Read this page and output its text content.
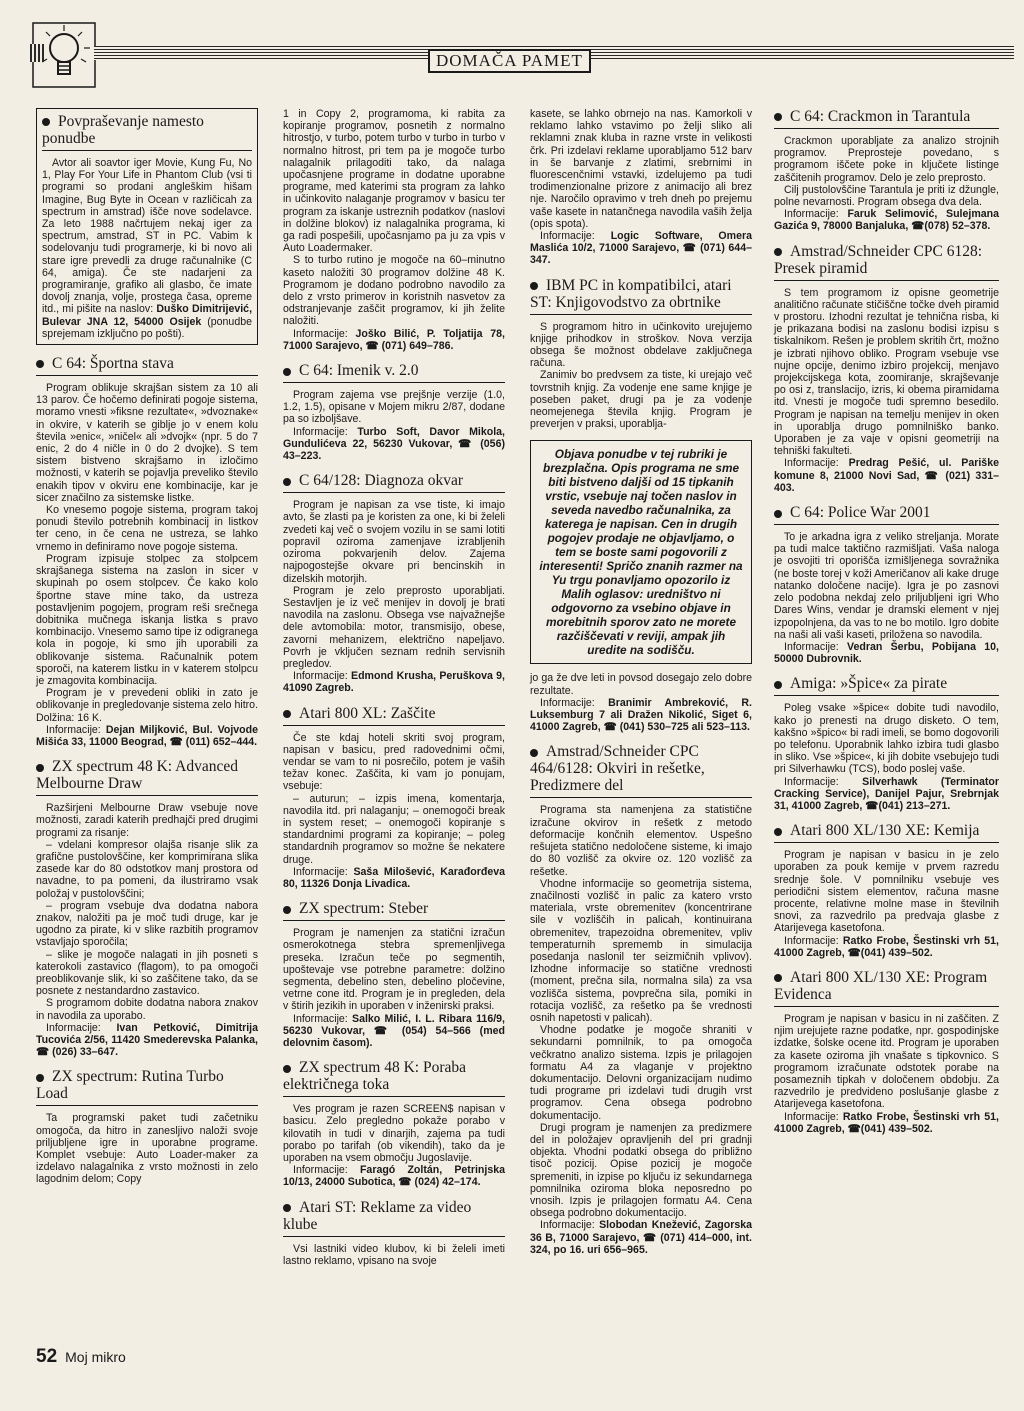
DOMAČA PAMET
Povpraševanje namesto ponudbe

Avtor ali soavtor iger Movie, Kung Fu, No 1, Play For Your Life in Phantom Club (vsi ti programi so prodani angleškim hišam Imagine, Bug Byte in Ocean v različicah za spectrum in amstrad) išče nove sodelavce. Za leto 1988 načrtujem nekaj iger za spectrum, amstrad, ST in PC. Vabim k sodelovanju tudi programerje, ki bi novo ali stare igre prevedli za druge računalnike (C 64, amiga). Če ste nadarjeni za programiranje, grafiko ali glasbo, če imate dovolj znanja, volje, prostega časa, opreme itd., mi pišite na naslov: Duško Dimitrijević, Bulevar JNA 12, 54000 Osijek (ponudbe sprejemam izključno po pošti).

C 64: Športna stava

Program oblikuje skrajšan sistem za 10 ali 13 parov. Če hočemo definirati pogoje sistema, moramo vnesti »fiksne rezultate«, »dvoznake« in okvire, v katerih se giblje jo v enem kolu števila »enic«, »ničel« ali »dvojk« (npr. 5 do 7 enic, 2 do 4 ničle in 0 do 2 dvojke). S tem sistem bistveno skrajšamo in izločimo možnosti, v katerih se pojavlja preveliko število enakih tipov v okviru ene kombinacije, kar je sicer značilno za sistemske listke.

Ko vnesemo pogoje sistema, program takoj ponudi število potrebnih kombinacij in listkov ter ceno, in če cena ne ustreza, se lahko vrnemo in definiramo nove pogoje sistema.

Program izpisuje stolpec za stolpcem skrajšanega sistema na zaslon in sicer v skupinah po osem stolpcev. Če kako kolo športne stave mine tako, da ustreza postavljenim pogojem, program reši srečnega dobitnika mučnega iskanja listka s pravo kombinacijo. Vnesemo samo tipe iz odigranega kola in pogoje, ki smo jih uporabili za oblikovanje sistema. Računalnik potem sporoči, na katerem listku in v katerem stolpcu je zmagovita kombinacija.

Program je v prevedeni obliki in zato je oblikovanje in pregledovanje sistema zelo hitro. Dolžina: 16 K.

Informacije: Dejan Miljković, Bul. Vojvode Mišića 33, 11000 Beograd, ☎ (011) 652–444.

ZX spectrum 48 K: Advanced Melbourne Draw

Razširjeni Melbourne Draw vsebuje nove možnosti, zaradi katerih predhajči pred drugimi programi za risanje:

– vdelani kompresor olajša risanje slik za grafične pustolovščine, ker komprimirana slika zasede kar do 80 odstotkov manj prostora od navadne, to pa pomeni, da ilustriramo vsak položaj v pustolovščini;

– program vsebuje dva dodatna nabora znakov, naložiti pa je moč tudi druge, kar je ugodno za pirate, ki v slike razbitih programov vstavljajo sporočila;

– slike je mogoče nalagati in jih posneti s katerokoli zastavico (flagom), to pa omogoči preoblikovanje slik, ki so zaščitene tako, da se posnete z nestandardno zastavico.

S programom dobite dodatna nabora znakov in navodila za uporabo.

Informacije: Ivan Petković, Dimitrija Tucovića 2/56, 11420 Smederevska Palanka, ☎ (026) 33–647.

ZX spectrum: Rutina Turbo Load

Ta programski paket tudi začetniku omogoča, da hitro in zanesljivo naloži svoje priljubljene igre in uporabne programe. Komplet vsebuje: Auto Loader-maker za izdelavo nalagalnika z vrsto možnosti in zelo lagodnim delom; Copy

1 in Copy 2, programoma, ki rabita za kopiranje programov, posnetih z normalno hitrostjo, v turbo, potem turbo v turbo in turbo v normalno hitrost, pri tem pa je mogoče turbo nalagalnik prilagoditi tako, da nalaga upočasnjene programe in dodatne uporabne programe, med katerimi sta program za lahko in učinkovito nalaganje programov v basicu ter program za iskanje ustreznih podatkov (naslovi in dolžine blokov) iz nalagalnika programa, ki ga radi pospešili, upočasnjamo pa ju za vpis v Auto Loadermaker.

S to turbo rutino je mogoče na 60–minutno kaseto naložiti 30 programov dolžine 48 K. Programom je dodano podrobno navodilo za delo z vrsto primerov in koristnih nasvetov za odstranjevanje zaščit programov, ki jih želite naložiti.

Informacije: Joško Bilić, P. Toljatija 78, 71000 Sarajevo, ☎ (071) 649–786.

C 64: Imenik v. 2.0

Program zajema vse prejšnje verzije (1.0, 1.2, 1.5), opisane v Mojem mikru 2/87, dodane pa so izboljšave.

Informacije: Turbo Soft, Davor Mikola, Gundulićeva 22, 56230 Vukovar, ☎ (056) 43–223.

C 64/128: Diagnoza okvar

Program je napisan za vse tiste, ki imajo avto, še zlasti pa je koristen za one, ki bi želeli zvedeti kaj več o svojem vozilu in se sami lotiti popravil oziroma zamenjave izrabljenih oziroma pokvarjenih delov. Zajema najpogostejše okvare pri bencinskih in dizelskih motorjih.

Program je zelo preprosto uporabljati. Sestavljen je iz več menijev in dovolj je brati navodila na zaslonu. Obsega vse najvažnejše dele avtomobila: motor, transmisijo, obese, zavorni mehanizem, električno napeljavo. Povrh je vključen seznam rednih servisnih pregledov.

Informacije: Edmond Krusha, Peruškova 9, 41090 Zagreb.

Atari 800 XL: Zaščite

Če ste kdaj hoteli skriti svoj program, napisan v basicu, pred radovednimi očmi, vendar se vam to ni posrečilo, potem je vaših težav konec. Zaščita, ki vam jo ponujam, vsebuje:

– auturun; – izpis imena, komentarja, navodila itd. pri nalaganju; – onemogoči break in system reset; – onemogoči kopiranje s standardnimi programi za kopiranje; – poleg standardnih programov so možne še nekatere druge.

Informacije: Saša Milošević, Karađorđeva 80, 11326 Donja Livadica.

ZX spectrum: Steber

Program je namenjen za statični izračun osmerokotnega stebra spremenljivega preseka. Izračun teče po segmentih, upoštevaje vse potrebne parametre: dolžino segmenta, debelino sten, debelino pločevine, vetrne cone itd. Program je in pregleden, dela v štirih jezikih in uporaben v inženirski praksi.

Informacije: Salko Milić, I. L. Ribara 116/9, 56230 Vukovar, ☎ (054) 54–566 (med delovnim časom).

ZX spectrum 48 K: Poraba električnega toka

Ves program je razen SCREEN$ napisan v basicu. Zelo pregledno pokaže porabo v kilovatih in tudi v dinarjih, zajema pa tudi porabo po tarifah (ob vikendih), tako da je uporaben na vsem območju Jugoslavije.

Informacije: Faragó Zoltán, Petrinjska 10/13, 24000 Subotica, ☎ (024) 42–174.

Atari ST: Reklame za video klube

Vsi lastniki video klubov, ki bi želeli imeti lastno reklamo, vpisano na svoje

kasete, se lahko obrnejo na nas. Kamorkoli v reklamo lahko vstavimo po želji sliko ali reklamni znak kluba in razne vrste in velikosti črk. Pri izdelavi reklame uporabljamo 512 barv in še barvanje z zlatimi, srebrnimi in fluorescenčnimi vstavki, izdelujemo pa tudi trodimenzionalne prizore z animacijo ali brez nje. Naročilo opravimo v treh dneh po prejemu vaše kasete in natančnega navodila vaših želja (opis spota).

Informacije: Logic Software, Omera Maslića 10/2, 71000 Sarajevo, ☎ (071) 644–347.

IBM PC in kompatibilci, atari ST: Knjigovodstvo za obrtnike

S programom hitro in učinkovito urejujemo knjige prihodkov in stroškov. Nova verzija obsega še možnost obdelave zaključnega računa.

Zanimiv bo predvsem za tiste, ki urejajo več tovrstnih knjig. Za vodenje ene same knjige je poseben paket, drugi pa je za vodenje neomejenega števila knjig. Program je preverjen v praksi, uporablja-

Objava ponudbe v tej rubriki je brezplačna. Opis programa ne sme biti bistveno daljši od 15 tipkanih vrstic, vsebuje naj točen naslov in seveda navedbo računalnika, za katerega je napisan. Cen in drugih pogojev prodaje ne objavljamo, o tem se boste sami pogovorili z interesenti! Spričo znanih razmer na Yu trgu ponavljamo opozorilo iz Malih oglasov: uredništvo ni odgovorno za vsebino objave in morebitnih sporov zato ne morete razčiščevati v reviji, ampak jih uredite na sodišču.

jo ga že dve leti in povsod dosegajo zelo dobre rezultate.

Informacije: Branimir Ambreković, R. Luksemburg 7 ali Dražen Nikolić, Siget 6, 41000 Zagreb, ☎ (041) 530–725 ali 523–113.

Amstrad/Schneider CPC 464/6128: Okviri in rešetke, Predizmere del

Programa sta namenjena za statistične izračune okvirov in rešetk z metodo deformacije končnih elementov. Uspešno rešujeta statično nedoločene sisteme, ki imajo do 80 vozlišč za okvire oz. 120 vozlišč za rešetke.

Vhodne informacije so geometrija sistema, značilnosti vozlišč in palic za katero vrsto materiala, vrste obremenitev (koncentrirane sile v vozliščih in palicah, kontinuirana obremenitev, trapezoidna obremenitev, vpliv temperaturnih sprememb in simulacija posedanja naslonil ter seizmičnih vplivov). Izhodne informacije so statične vrednosti (moment, prečna sila, normalna sila) za vsa vozlišča sistema, povprečna sila, pomiki in rotacija vozlišč, za rešetko pa še vrednosti osnih napetosti v palicah).

Vhodne podatke je mogoče shraniti v sekundarni pomnilnik, to pa omogoča večkratno analizo sistema. Izpis je prilagojen formatu A4 za vlaganje v projektno dokumentacijo. Delovni organizacijam nudimo tudi programe pri izdelavi tudi drugih vrst programov. Cena obsega podrobno dokumentacijo.

Drugi program je namenjen za predizmere del in položajev opravljenih del pri gradnji objekta. Vhodni podatki obsega do približno tisoč pozicij. Opise pozicij je mogoče spremeniti, in izpise po ključu iz sekundarnega pomnilnika oziroma bloka neposredno po vnosih. Izpis je prilagojen formatu A4. Cena obsega podrobno dokumentacijo.

Informacije: Slobodan Knežević, Zagorska 36 B, 71000 Sarajevo, ☎ (071) 414–000, int. 324, po 16. uri 656–965.

C 64: Crackmon in Tarantula

Crackmon uporabljate za analizo strojnih programov. Preprosteje povedano, s programom iščete poke in ključete listinge zaščitenih programov. Delo je zelo preprosto.

Cilj pustolovščine Tarantula je priti iz džungle, polne nevarnosti. Program obsega dva dela.

Informacije: Faruk Selimović, Sulejmana Gazića 9, 78000 Banjaluka, ☎(078) 52–378.

Amstrad/Schneider CPC 6128: Presek piramid

S tem programom iz opisne geometrije analitično računate stičiščne točke dveh piramid v prostoru. Izhodni rezultat je tehnična risba, ki je prikazana bodisi na zaslonu bodisi izpisu s tiskalnikom. Rešen je problem skritih črt, možno je izbrati njihovo obliko. Program vsebuje vse nujne opcije, denimo izbiro projekcij, menjavo projekcijskega kota, zoomiranje, skrajševanje po osi z, translacijo, izris, ki obema piramidama itd. Vnesti je mogoče tudi spremno besedilo. Program je napisan na temelju menijev in oken in uporablja drugo pomnilniško banko. Uporaben je za vaje v opisni geometriji na tehniški fakulteti.

Informacije: Predrag Pešić, ul. Pariške komune 8, 21000 Novi Sad, ☎ (021) 331–403.

C 64: Police War 2001

To je arkadna igra z veliko streljanja. Morate pa tudi malce taktično razmišljati. Vaša naloga je osvojiti tri oporišča izmišljenega sovražnika (ne boste torej v koži Američanov ali kake druge natanko določene nacije). Igra je po zasnovi zelo podobna nekdaj zelo priljubljeni igri Who Dares Wins, vendar je dramski element v njej izpopolnjena, da vas to ne bo motilo. Igro dobite na naši ali vaši kaseti, priložena so navodila.

Informacije: Vedran Šerbu, Pobijana 10, 50000 Dubrovnik.

Amiga: »Špice« za pirate

Poleg vsake »špice« dobite tudi navodilo, kako jo prenesti na drugo disketo. O tem, kakšno »špico« bi radi imeli, se bomo dogovorili po telefonu. Uporabnik lahko izbira tudi glasbo in sliko. Vse »špice«, ki jih dobite vsebujejo tudi pri Silverhawku (TCS), bodo poslej vaše.

Informacije: Silverhawk (Terminator Cracking Service), Danijel Pajur, Srebrnjak 31, 41000 Zagreb, ☎(041) 213–271.

Atari 800 XL/130 XE: Kemija

Program je napisan v basicu in je zelo uporaben za pouk kemije v prvem razredu srednje šole. V pomnilniku vsebuje ves periodični sistem elementov, računa masne procente, relativne molne mase in številnih snovi, za razvedrilo pa predvaja glasbe z Atarijevega kasetofona.

Informacije: Ratko Frobe, Šestinski vrh 51, 41000 Zagreb, ☎(041) 439–502.

Atari 800 XL/130 XE: Program Evidenca

Program je napisan v basicu in ni zaščiten. Z njim urejujete razne podatke, npr. gospodinjske izdatke, šolske ocene itd. Program je uporaben za kasete oziroma jih vnašate s tipkovnico. S programom izračunate odstotek porabe na posameznih tipkah v določenem obdobju. Za razvedrilo je predvideno poslušanje glasbe z Atarijevega kasetofona.

Informacije: Ratko Frobe, Šestinski vrh 51, 41000 Zagreb, ☎(041) 439–502.

52 Moj mikro
